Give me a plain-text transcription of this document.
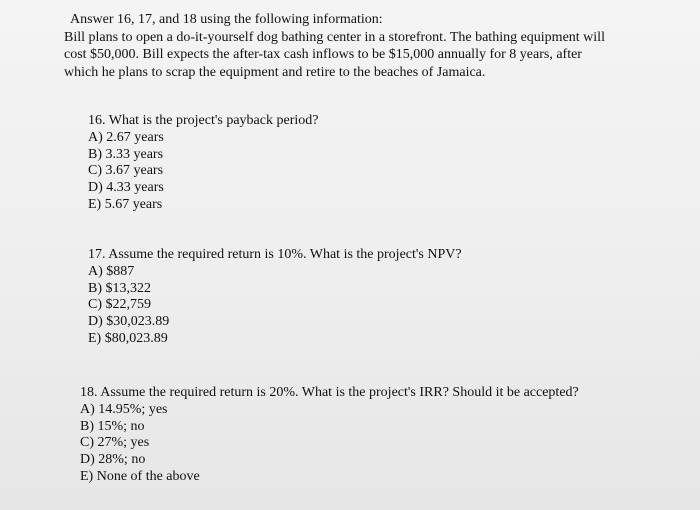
Answer 16, 17, and 18 using the following information:
Bill plans to open a do-it-yourself dog bathing center in a storefront. The bathing equipment will
cost $50,000. Bill expects the after-tax cash inflows to be $15,000 annually for 8 years, after
which he plans to scrap the equipment and retire to the beaches of Jamaica.
16. What is the project's payback period?
A) 2.67 years
B) 3.33 years
C) 3.67 years
D) 4.33 years
E) 5.67 years
17. Assume the required return is 10%. What is the project's NPV?
A) $887
B) $13,322
C) $22,759
D) $30,023.89
E) $80,023.89
18. Assume the required return is 20%. What is the project's IRR? Should it be accepted?
A) 14.95%; yes
B) 15%; no
C) 27%; yes
D) 28%; no
E) None of the above
